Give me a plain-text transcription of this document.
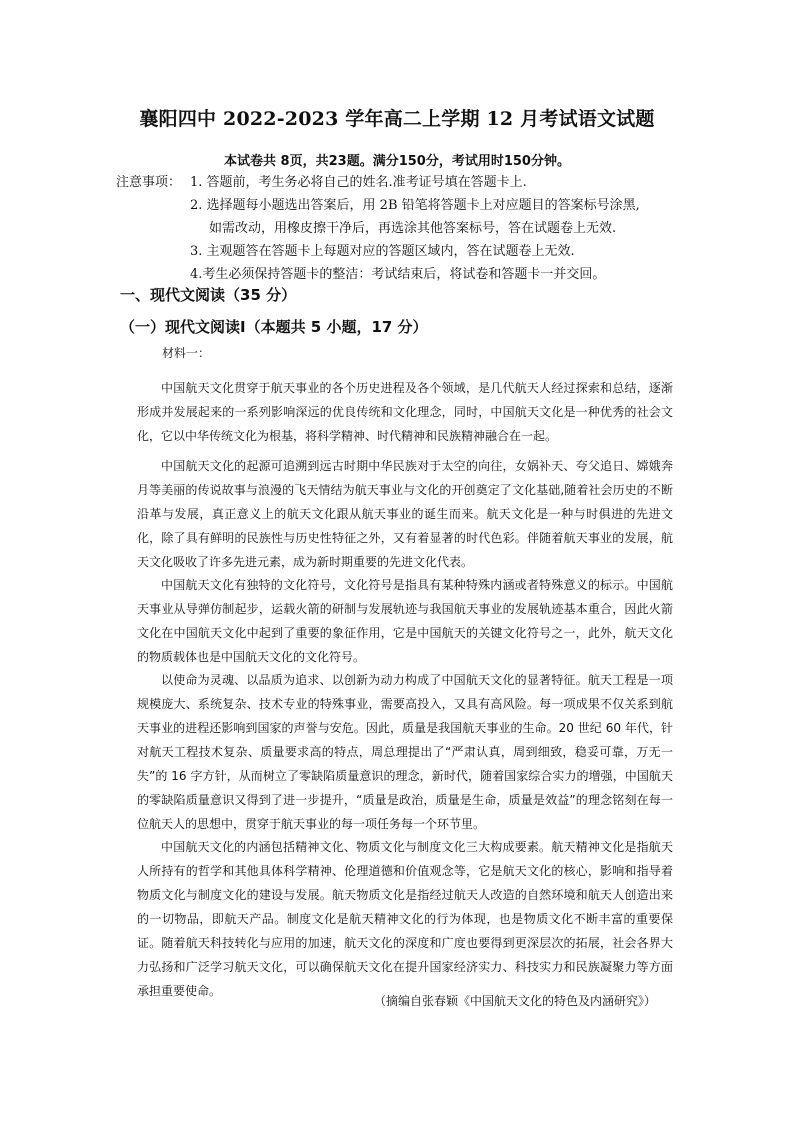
襄阳四中 2022-2023 学年高二上学期 12 月考试语文试题
本试卷共 8页，共23题。满分150分，考试用时150分钟。
注意事项： 1. 答题前，考生务必将自己的姓名.准考证号填在答题卡上.
2. 选择题每小题选出答案后，用 2B 铅笔将答题卡上对应题目的答案标号涂黑,
如需改动，用橡皮擦干净后，再选涂其他答案标号，答在试题卷上无效.
3. 主观题答在答题卡上每题对应的答题区域内，答在试题卷上无效.
4.考生必须保持答题卡的整洁：考试结束后，将试卷和答题卡一并交回。
一、现代文阅读（35 分）
（一）现代文阅读Ⅰ（本题共 5 小题，17 分）
材料一：

中国航天文化贯穿于航天事业的各个历史进程及各个领域，是几代航天人经过探索和总结，逐渐形成并发展起来的一系列影响深远的优良传统和文化理念，同时，中国航天文化是一种优秀的社会文化，它以中华传统文化为根基，将科学精神、时代精神和民族精神融合在一起。

中国航天文化的起源可追溯到远古时期中华民族对于太空的向往，女娲补天、夸父追日、嫦娥奔月等美丽的传说故事与浪漫的飞天情结为航天事业与文化的开创奠定了文化基础,随着社会历史的不断沿革与发展，真正意义上的航天文化跟从航天事业的诞生而来。航天文化是一种与时俱进的先进文化，除了具有鲜明的民族性与历史性特征之外，又有着显著的时代色彩。伴随着航天事业的发展，航天文化吸收了许多先进元素，成为新时期重要的先进文化代表。

中国航天文化有独特的文化符号，文化符号是指具有某种特殊内涵或者特殊意义的标示。中国航天事业从导弹仿制起步，运载火箭的研制与发展轨迹与我国航天事业的发展轨迹基本重合，因此火箭文化在中国航天文化中起到了重要的象征作用，它是中国航天的关键文化符号之一，此外，航天文化的物质载体也是中国航天文化的文化符号。

以使命为灵魂、以品质为追求、以创新为动力构成了中国航天文化的显著特征。航天工程是一项规模庞大、系统复杂、技术专业的特殊事业，需要高投入，又具有高风险。每一项成果不仅关系到航天事业的进程还影响到国家的声誉与安危。因此，质量是我国航天事业的生命。20 世纪 60 年代，针对航天工程技术复杂、质量要求高的特点，周总理提出了“严肃认真，周到细致，稳妥可靠，万无一失”的 16 字方针，从而树立了零缺陷质量意识的理念，新时代，随着国家综合实力的增强，中国航天的零缺陷质量意识又得到了进一步提升，“质量是政治，质量是生命，质量是效益”的理念铭刻在每一位航天人的思想中，贯穿于航天事业的每一项任务每一个环节里。

中国航天文化的内涵包括精神文化、物质文化与制度文化三大构成要素。航天精神文化是指航天人所持有的哲学和其他具体科学精神、伦理道德和价值观念等，它是航天文化的核心，影响和指导着物质文化与制度文化的建设与发展。航天物质文化是指经过航天人改造的自然环境和航天人创造出来的一切物品，即航天产品。制度文化是航天精神文化的行为体现，也是物质文化不断丰富的重要保证。随着航天科技转化与应用的加速，航天文化的深度和广度也要得到更深层次的拓展，社会各界大力弘扬和广泛学习航天文化，可以确保航天文化在提升国家经济实力、科技实力和民族凝聚力等方面承担重要使命。

（摘编自张春颖《中国航天文化的特色及内涵研究》）
